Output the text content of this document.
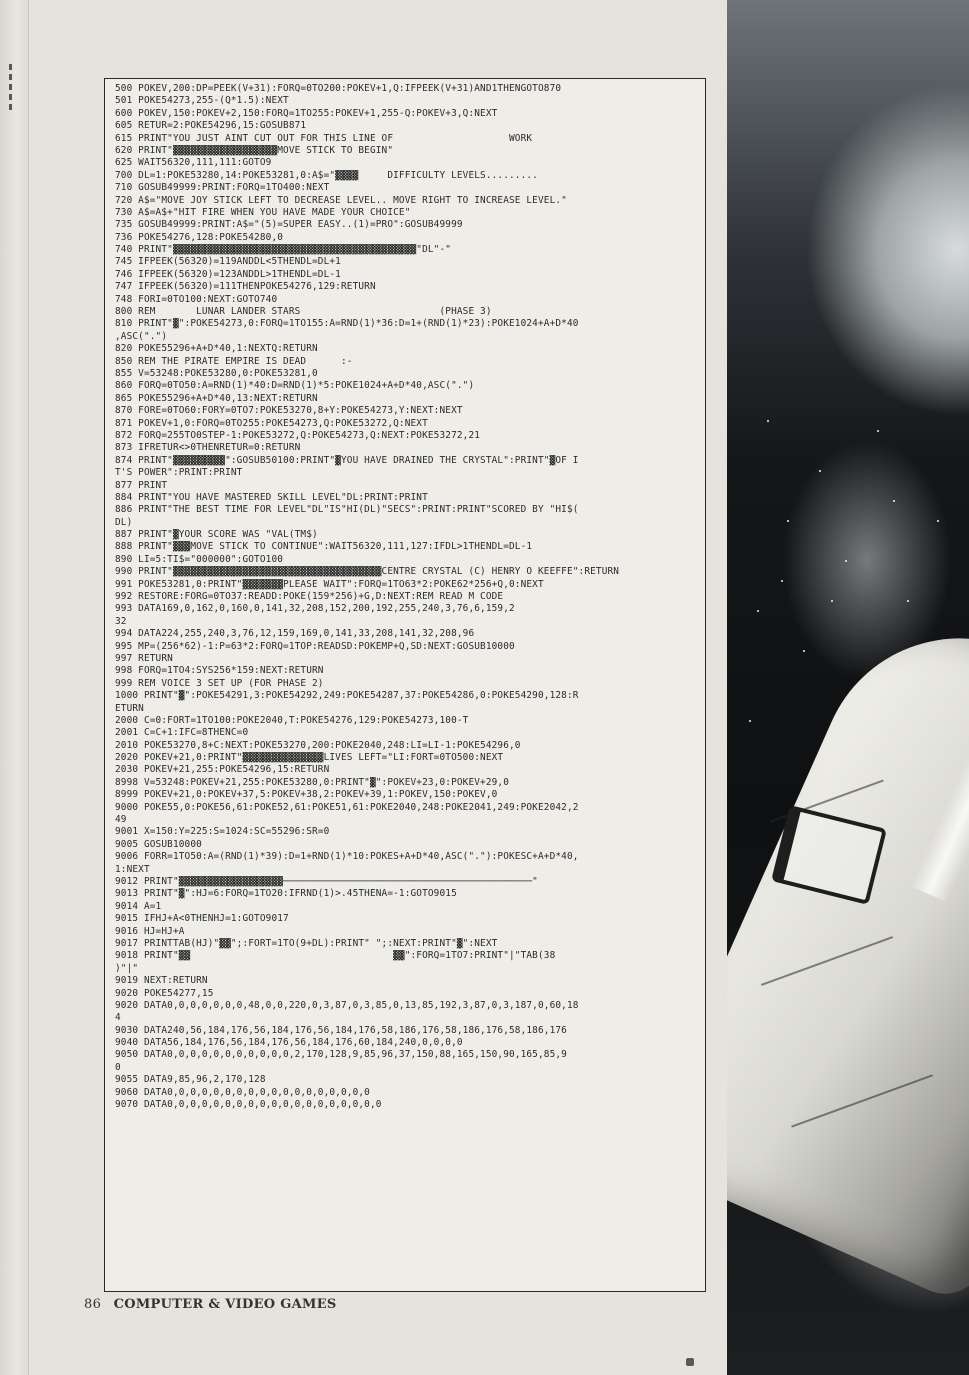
500 POKEV,200:DP=PEEK(V+31):FORQ=0TO200:POKEV+1,Q:IFPEEK(V+31)AND1THENGOTO870
501 POKE54273,255-(Q*1.5):NEXT
600 POKEV,150:POKEV+2,150:FORQ=1TO255:POKEV+1,255-Q:POKEV+3,Q:NEXT
605 RETUR=2:POKE54296,15:GOSUB871
615 PRINT"YOU JUST AINT CUT OUT FOR THIS LINE OF                    WORK
620 PRINT"▓▓▓▓▓▓▓▓▓▓▓▓▓▓▓▓▓▓MOVE STICK TO BEGIN"
625 WAIT56320,111,111:GOTO9
700 DL=1:POKE53280,14:POKE53281,0:A$="▓▓▓▓     DIFFICULTY LEVELS.........
710 GOSUB49999:PRINT:FORQ=1TO400:NEXT
720 A$="MOVE JOY STICK LEFT TO DECREASE LEVEL.. MOVE RIGHT TO INCREASE LEVEL."
730 A$=A$+"HIT FIRE WHEN YOU HAVE MADE YOUR CHOICE"
735 GOSUB49999:PRINT:A$="(5)=SUPER EASY..(1)=PRO":GOSUB49999
736 POKE54276,128:POKE54280,0
740 PRINT"▓▓▓▓▓▓▓▓▓▓▓▓▓▓▓▓▓▓▓▓▓▓▓▓▓▓▓▓▓▓▓▓▓▓▓▓▓▓▓▓▓▓"DL"-"
745 IFPEEK(56320)=119ANDDL<5THENDL=DL+1
746 IFPEEK(56320)=123ANDDL>1THENDL=DL-1
747 IFPEEK(56320)=111THENPOKE54276,129:RETURN
748 FORI=0TO100:NEXT:GOTO740
800 REM       LUNAR LANDER STARS                        (PHASE 3)
810 PRINT"▓":POKE54273,0:FORQ=1TO155:A=RND(1)*36:D=1+(RND(1)*23):POKE1024+A+D*40
,ASC(".")
820 POKE55296+A+D*40,1:NEXTQ:RETURN
850 REM THE PIRATE EMPIRE IS DEAD      :-
855 V=53248:POKE53280,0:POKE53281,0
860 FORQ=0TO50:A=RND(1)*40:D=RND(1)*5:POKE1024+A+D*40,ASC(".")
865 POKE55296+A+D*40,13:NEXT:RETURN
870 FORE=0TO60:FORY=0TO7:POKE53270,8+Y:POKE54273,Y:NEXT:NEXT
871 POKEV+1,0:FORQ=0TO255:POKE54273,Q:POKE53272,Q:NEXT
872 FORQ=255TO0STEP-1:POKE53272,Q:POKE54273,Q:NEXT:POKE53272,21
873 IFRETUR<>0THENRETUR=0:RETURN
874 PRINT"▓▓▓▓▓▓▓▓▓":GOSUB50100:PRINT"▓YOU HAVE DRAINED THE CRYSTAL":PRINT"▓OF I
T'S POWER":PRINT:PRINT
877 PRINT
884 PRINT"YOU HAVE MASTERED SKILL LEVEL"DL:PRINT:PRINT
886 PRINT"THE BEST TIME FOR LEVEL"DL"IS"HI(DL)"SECS":PRINT:PRINT"SCORED BY "HI$(
DL)
887 PRINT"▓YOUR SCORE WAS "VAL(TM$)
888 PRINT"▓▓▓MOVE STICK TO CONTINUE":WAIT56320,111,127:IFDL>1THENDL=DL-1
890 LI=5:TI$="000000":GOTO100
990 PRINT"▓▓▓▓▓▓▓▓▓▓▓▓▓▓▓▓▓▓▓▓▓▓▓▓▓▓▓▓▓▓▓▓▓▓▓▓CENTRE CRYSTAL (C) HENRY O KEEFFE":RETURN
991 POKE53281,0:PRINT"▓▓▓▓▓▓▓PLEASE WAIT":FORQ=1TO63*2:POKE62*256+Q,0:NEXT
992 RESTORE:FORG=0TO37:READD:POKE(159*256)+G,D:NEXT:REM READ M CODE
993 DATA169,0,162,0,160,0,141,32,208,152,200,192,255,240,3,76,6,159,2
32
994 DATA224,255,240,3,76,12,159,169,0,141,33,208,141,32,208,96
995 MP=(256*62)-1:P=63*2:FORQ=1TOP:READSD:POKEMP+Q,SD:NEXT:GOSUB10000
997 RETURN
998 FORQ=1TO4:SYS256*159:NEXT:RETURN
999 REM VOICE 3 SET UP (FOR PHASE 2)
1000 PRINT"▓":POKE54291,3:POKE54292,249:POKE54287,37:POKE54286,0:POKE54290,128:R
ETURN
2000 C=0:FORT=1TO100:POKE2040,T:POKE54276,129:POKE54273,100-T
2001 C=C+1:IFC=8THENC=0
2010 POKE53270,8+C:NEXT:POKE53270,200:POKE2040,248:LI=LI-1:POKE54296,0
2020 POKEV+21,0:PRINT"▓▓▓▓▓▓▓▓▓▓▓▓▓▓LIVES LEFT="LI:FORT=0TO500:NEXT
2030 POKEV+21,255:POKE54296,15:RETURN
8998 V=53248:POKEV+21,255:POKE53280,0:PRINT"▓":POKEV+23,0:POKEV+29,0
8999 POKEV+21,0:POKEV+37,5:POKEV+38,2:POKEV+39,1:POKEV,150:POKEV,0
9000 POKE55,0:POKE56,61:POKE52,61:POKE51,61:POKE2040,248:POKE2041,249:POKE2042,2
49
9001 X=150:Y=225:S=1024:SC=55296:SR=0
9005 GOSUB10000
9006 FORR=1TO50:A=(RND(1)*39):D=1+RND(1)*10:POKES+A+D*40,ASC("."):POKESC+A+D*40,
1:NEXT
9012 PRINT"▓▓▓▓▓▓▓▓▓▓▓▓▓▓▓▓▓▓───────────────────────────────────────────"
9013 PRINT"▓":HJ=6:FORQ=1TO20:IFRND(1)>.45THENA=-1:GOTO9015
9014 A=1
9015 IFHJ+A<0THENHJ=1:GOTO9017
9016 HJ=HJ+A
9017 PRINTTAB(HJ)"▓▓";:FORT=1TO(9+DL):PRINT" ";:NEXT:PRINT"▓":NEXT
9018 PRINT"▓▓                                   ▓▓":FORQ=1TO7:PRINT"|"TAB(38
)"|"
9019 NEXT:RETURN
9020 POKE54277,15
9020 DATA0,0,0,0,0,0,0,48,0,0,220,0,3,87,0,3,85,0,13,85,192,3,87,0,3,187,0,60,18
4
9030 DATA240,56,184,176,56,184,176,56,184,176,58,186,176,58,186,176,58,186,176
9040 DATA56,184,176,56,184,176,56,184,176,60,184,240,0,0,0,0
9050 DATA0,0,0,0,0,0,0,0,0,0,0,2,170,128,9,85,96,37,150,88,165,150,90,165,85,9
0
9055 DATA9,85,96,2,170,128
9060 DATA0,0,0,0,0,0,0,0,0,0,0,0,0,0,0,0,0,0
9070 DATA0,0,0,0,0,0,0,0,0,0,0,0,0,0,0,0,0,0,0
86 COMPUTER & VIDEO GAMES
